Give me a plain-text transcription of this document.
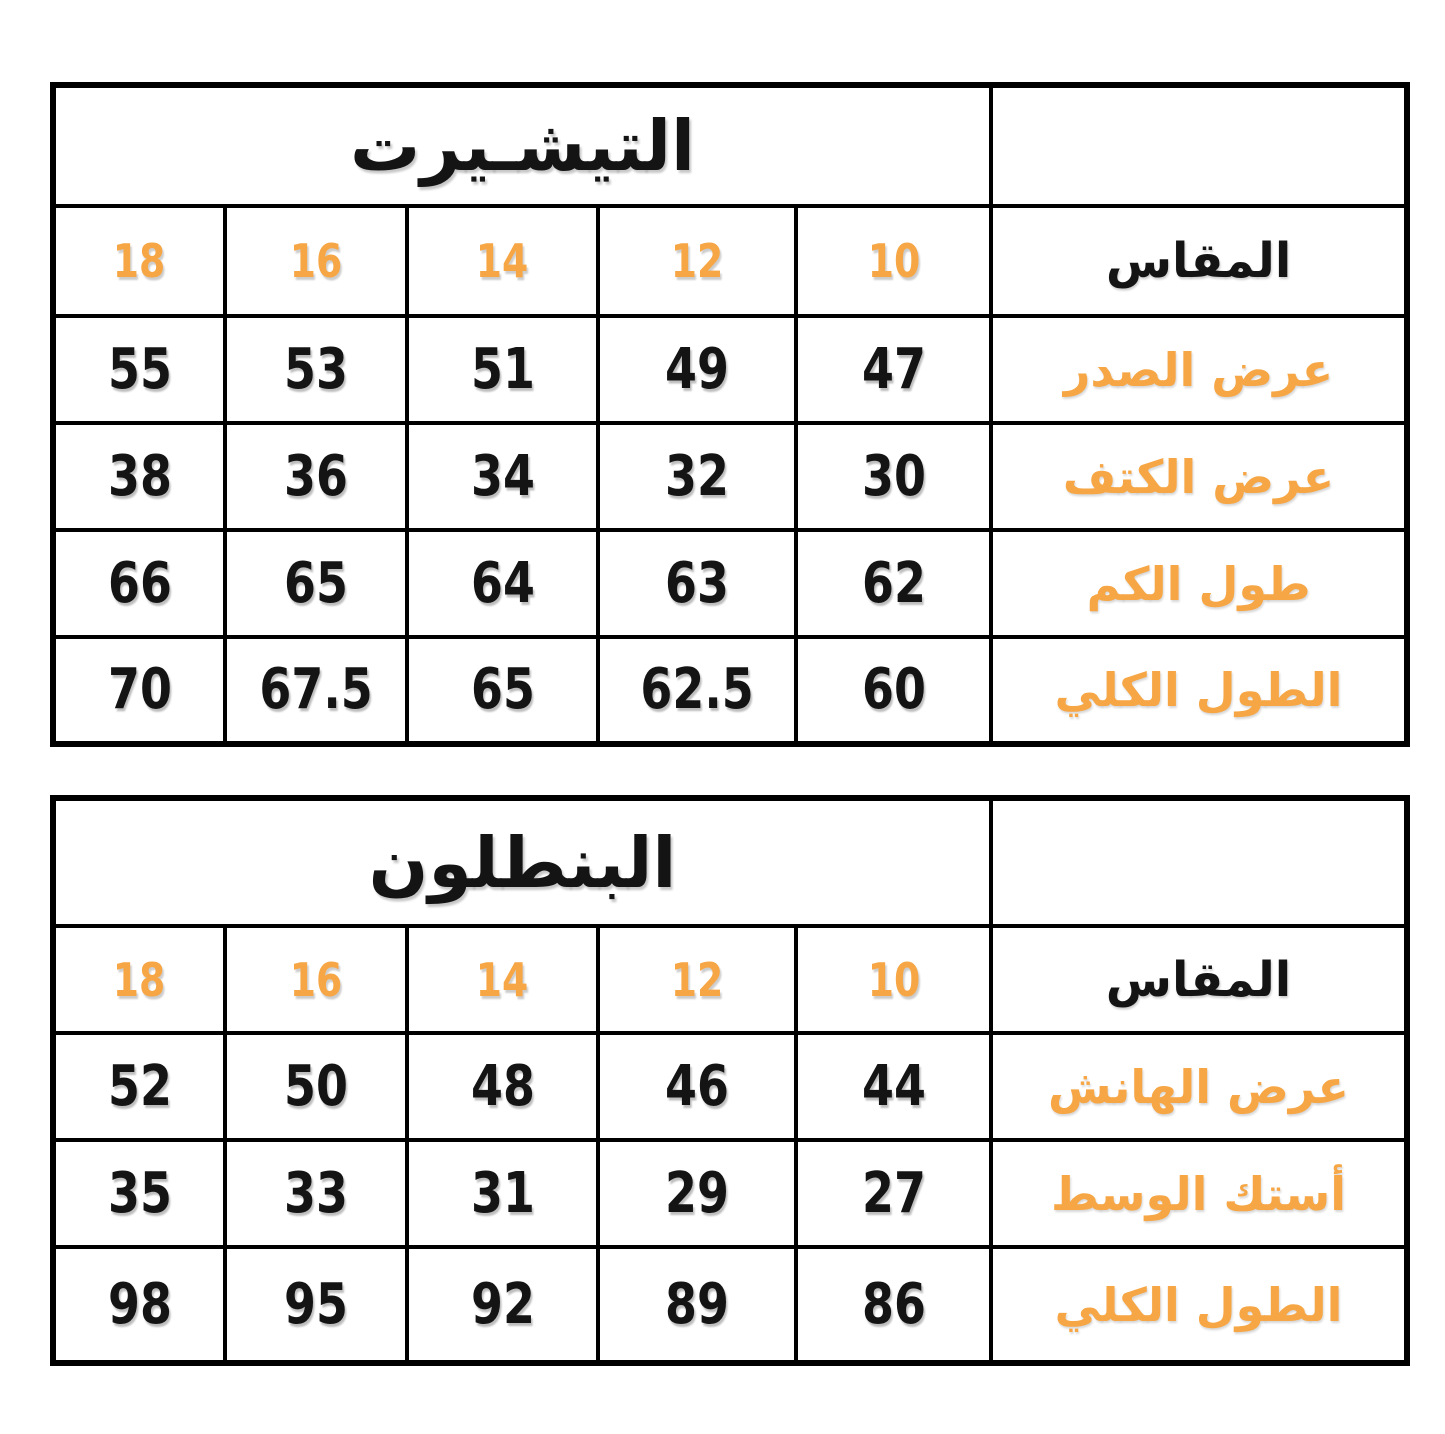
التيشـيرت					
18	16	14	12	10	المقاس
55	53	51	49	47	عرض الصدر
38	36	34	32	30	عرض الكتف
66	65	64	63	62	طول الكم
70	67.5	65	62.5	60	الطول الكلي
البنطلون					
18	16	14	12	10	المقاس
52	50	48	46	44	عرض الهانش
35	33	31	29	27	أستك الوسط
98	95	92	89	86	الطول الكلي
